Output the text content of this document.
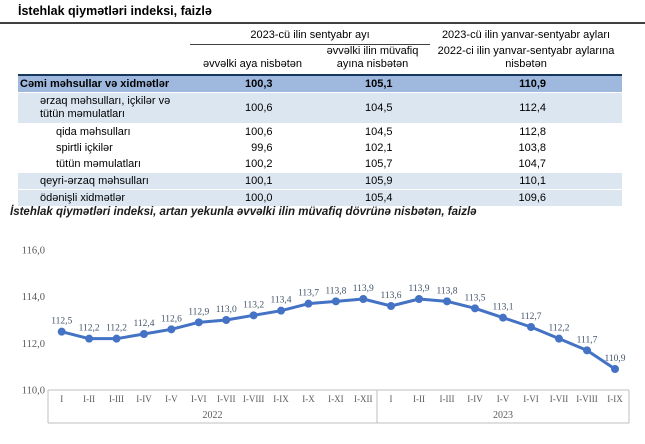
İstehlak qiymətləri indeksi, faizlə
	2023-cü ilin sentyabr ayı		2023-cü ilin yanvar-sentyabr ayları
	əvvəlki aya nisbətən	əvvəlki ilin müvafiq ayına nisbətən	2022-ci ilin yanvar-sentyabr aylarına nisbətən
Cəmi məhsullar və xidmətlər	100,3	105,1	110,9
ərzaq məhsulları, içkilər və tütün məmulatları	100,6	104,5	112,4
qida məhsulları	100,6	104,5	112,8
spirtli içkilər	99,6	102,1	103,8
tütün məmulatları	100,2	105,7	104,7
qeyri-ərzaq məhsulları	100,1	105,9	110,1
ödənişli xidmətlər	100,0	105,4	109,6
İstehlak qiymətləri indeksi, artan yekunla əvvəlki ilin müvafiq dövrünə nisbətən, faizlə
110,0
112,0
114,0
116,0
I I-II I-III I-IV I-V I-VI I-VII I-VIII I-IX I-X I-XI I-XII
2022
I I-II I-III I-IV I-V I-VI I-VII I-VIII I-IX
2023
112,5
112,2 112,2 112,4 112,6
112,9 113,0 113,2 113,4
113,7 113,8 113,9
113,6
113,9 113,8
113,5
113,1
112,7
112,2
111,7
110,9
